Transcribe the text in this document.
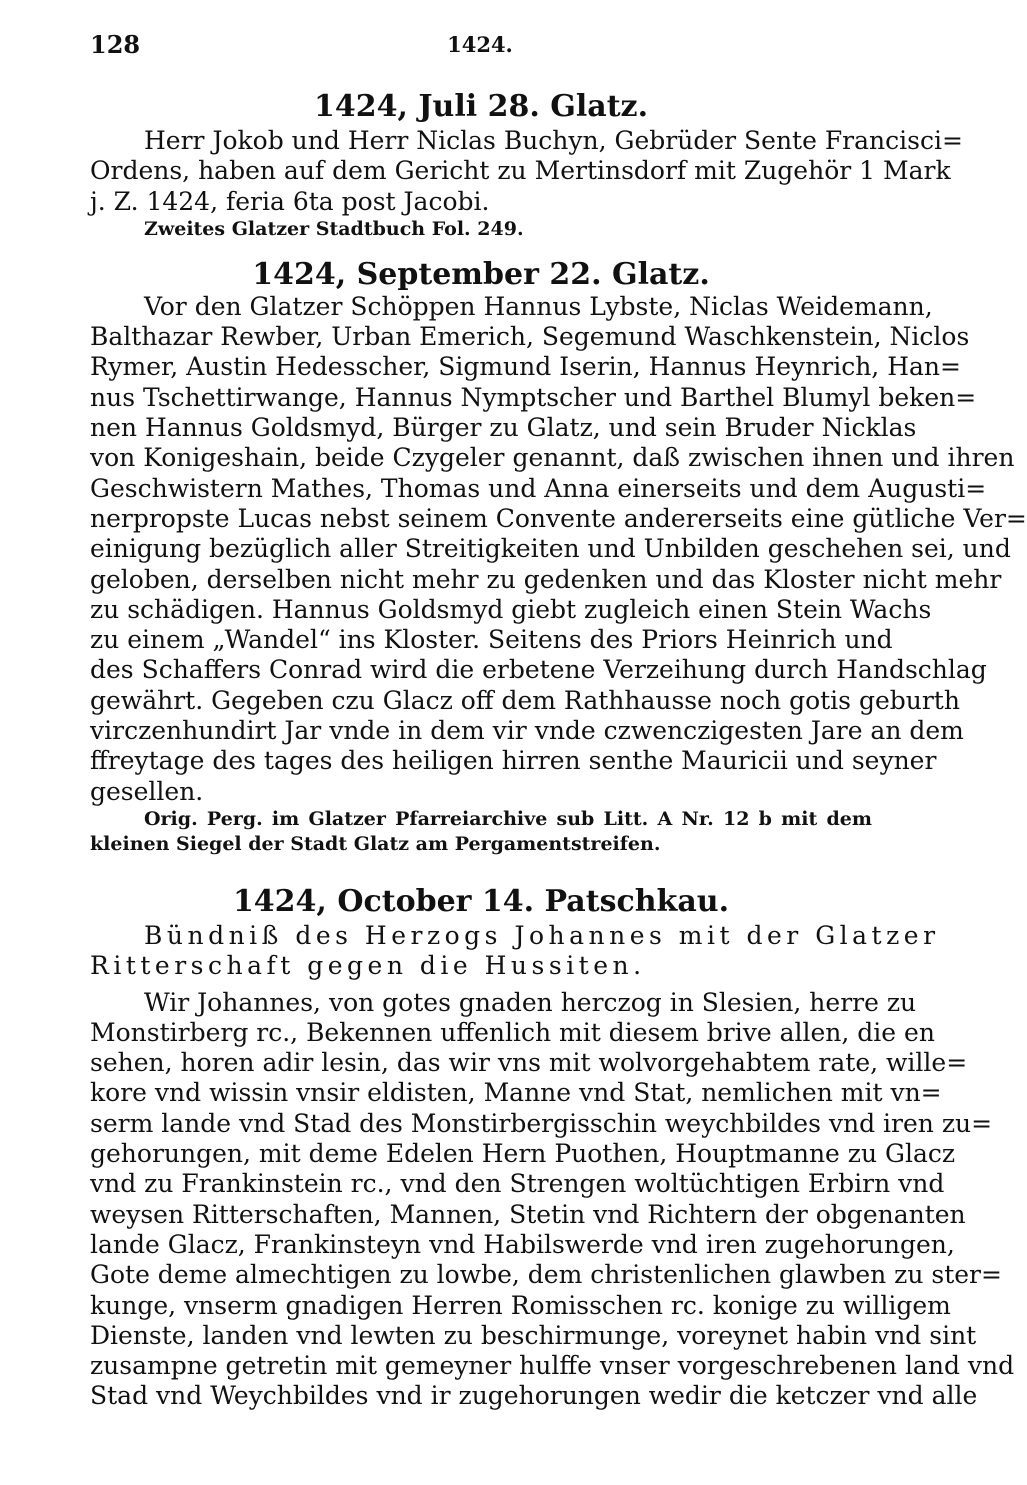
128	1424.
1424, Juli 28. Glatz.
Herr Jokob und Herr Niclas Buchyn, Gebrüder Sente Francisci=
Ordens, haben auf dem Gericht zu Mertinsdorf mit Zugehör 1 Mark
j. Z. 1424, feria 6ta post Jacobi.
Zweites Glatzer Stadtbuch Fol. 249.
1424, September 22. Glatz.
Vor den Glatzer Schöppen Hannus Lybste, Niclas Weidemann,
Balthazar Rewber, Urban Emerich, Segemund Waschkenstein, Niclos
Rymer, Austin Hedesscher, Sigmund Iserin, Hannus Heynrich, Han=
nus Tschettirwange, Hannus Nymptscher und Barthel Blumyl beken=
nen Hannus Goldsmyd, Bürger zu Glatz, und sein Bruder Nicklas
von Konigeshain, beide Czygeler genannt, daß zwischen ihnen und ihren
Geschwistern Mathes, Thomas und Anna einerseits und dem Augusti=
nerpropste Lucas nebst seinem Convente andererseits eine gütliche Ver=
einigung bezüglich aller Streitigkeiten und Unbilden geschehen sei, und
geloben, derselben nicht mehr zu gedenken und das Kloster nicht mehr
zu schädigen. Hannus Goldsmyd giebt zugleich einen Stein Wachs
zu einem „Wandel“ ins Kloster. Seitens des Priors Heinrich und
des Schaffers Conrad wird die erbetene Verzeihung durch Handschlag
gewährt. Gegeben czu Glacz off dem Rathhausse noch gotis geburth
virczenhundirt Jar vnde in dem vir vnde czwenczigesten Jare an dem
ffreytage des tages des heiligen hirren senthe Mauricii und seyner
gesellen.
Orig. Perg. im Glatzer Pfarreiarchive sub Litt. A Nr. 12 b mit dem
kleinen Siegel der Stadt Glatz am Pergamentstreifen.
1424, October 14. Patschkau.
Bündniß des Herzogs Johannes mit der Glatzer
Ritterschaft gegen die Hussiten.
Wir Johannes, von gotes gnaden herczog in Slesien, herre zu
Monstirberg rc., Bekennen uffenlich mit diesem brive allen, die en
sehen, horen adir lesin, das wir vns mit wolvorgehabtem rate, wille=
kore vnd wissin vnsir eldisten, Manne vnd Stat, nemlichen mit vn=
serm lande vnd Stad des Monstirbergisschin weychbildes vnd iren zu=
gehorungen, mit deme Edelen Hern Puothen, Houptmanne zu Glacz
vnd zu Frankinstein rc., vnd den Strengen woltüchtigen Erbirn vnd
weysen Ritterschaften, Mannen, Stetin vnd Richtern der obgenanten
lande Glacz, Frankinsteyn vnd Habilswerde vnd iren zugehorungen,
Gote deme almechtigen zu lowbe, dem christenlichen glawben zu ster=
kunge, vnserm gnadigen Herren Romisschen rc. konige zu willigem
Dienste, landen vnd lewten zu beschirmunge, voreynet habin vnd sint
zusampne getretin mit gemeyner hulffe vnser vorgeschrebenen land vnd
Stad vnd Weychbildes vnd ir zugehorungen wedir die ketczer vnd alle
